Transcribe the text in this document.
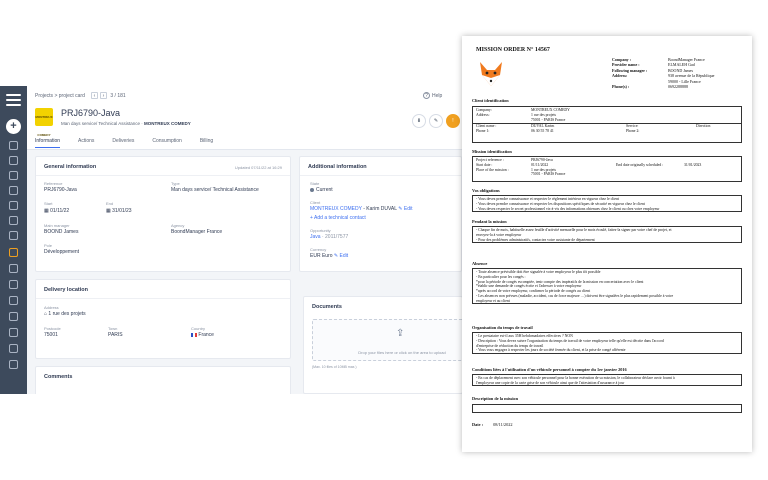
+
Projects > project card	‹ › 3 / 181	? Help
MONTREUX COMEDY
PRJ6790-Java
Man days service/ Technical Assistance · MONTREUX COMEDY	⬇	✎	!
Information	Actions	Deliveries	Consumption	Billing
General information	Updated 07/11/22 at 16:29
Reference
PRJ6790-Java
Type
Man days service/ Technical Assistance
Start
▦ 01/11/22
End
▦ 31/01/23
Main manager
BOOND James
Agency
BoondManager France
Pole
Développement
Additional information
State
Current
Client
MONTREUX COMEDY - Karim DUVAL ✎ Edit
+ Add a technical contact
Opportunity
Java · 2011/7577
Currency
EUR Euro ✎ Edit
Delivery location
Address
⌂ 1 rue des projets
Postcode
75001
Town
PARIS
Country
France
Documents
⇪
Drop your files here or click on the area to upload
(Max. 10 files of 10MB max.)
Comments
MISSION ORDER N° 14567
Company :	BoondManager France
Provider name :	ELMALEH Gad
Following manager :	BOOND James
Address:	938 avenue de la République
59000 - Lille France
Phone(s) :	0692288888
Client identification
Company:	MONTREUX COMEDY
Address:	1 rue des projets
75001 - PARIS France
Client name :	DUVAL Karim	Service:	Direction
Phone 1:	06 30 55 78 41	Phone 2:
Mission identification
Project reference :	PRJ6790-Java
Start date :	01/11/2022	End date originally scheduled :	31/01/2023
Place of the mission :	1 rue des projets
75001 - PARIS France
Vos obligations
- Vous devez prendre connaissance et respecter le règlement intérieur en vigueur chez le client
- Vous devez prendre connaissance et respecter les dispositions spécifiques de sécurité en vigueur chez le client
- Vous devez respecter le secret professionnel vis-à-vis des informations obtenues chez le client ou chez votre employeur
Pendant la mission
- Chaque fin de mois, habituelle assez feuille d'activité mensuelle pour le mois écoulé, faites-la signer par votre chef de projet, et
envoyez-la à votre employeur
- Pour des problèmes administratifs, contactez votre assistante de département
Absence
- Toute absence prévisible doit être signalée à votre employeur le plus tôt possible
- En particulier pour les congés :
*pour la période de congés escomptée, tenir compte des impératifs de la mission en concertation avec le client
*établir une demande de congés écrite et l'adresser à votre employeur
*après accord de votre employeur, confirmer la période de congés au client
- Les absences non prévues (maladie, accident, cas de force majeure …) doivent être signalées le plus rapidement possible à votre
employeur et au client
Organisation du temps de travail
- Le prestataire est-il aux 35H hebdomadaires effectives ? NON
- Description : Vous devez suivre l'organisation du temps de travail de votre employeur telle qu'elle est décrite dans l'accord
d'entreprise de réduction du temps de travail
- Vous vous engagez à respecter les jours de société fermée du client, et la prise de congé afférente
Conditions liées à l'utilisation d'un véhicule personnel à compter du 1er janvier 2016
- En cas de déplacement avec son véhicule personnel pour la bonne exécution de sa mission, le collaborateur déclare avoir fourni à
l'employeur une copie de la carte grise de son véhicule ainsi que de l'attestation d'assurance à jour
Description de la mission
Date : 08/11/2022
